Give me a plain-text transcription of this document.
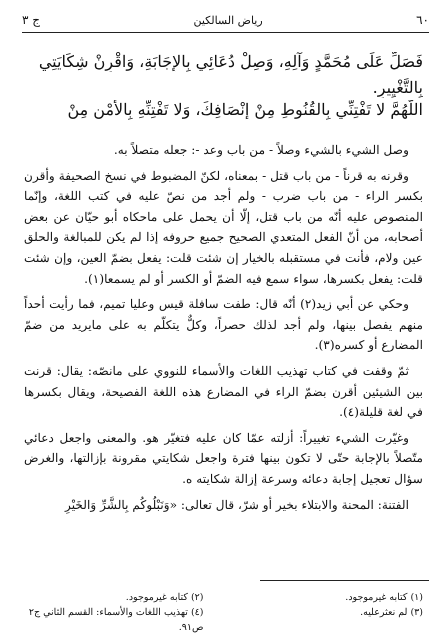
٦٠
رياض السالكين
ج ٣
فَصَلِّ عَلَى مُحَمَّدٍ وَآلِهِ، وَصِلْ دُعَائِي بِالإِجَابَةِ، وَاقْرِنْ شِكَايَتِي
بِالتَّغْيِيرِ.
اللّهُمَّ لا تَفْتِنِّي بِالقُنُوطِ مِنْ إِنْصَافِكَ، وَلا تَفْتِنِّهِ بِالأَمْنِ مِنْ

وصل الشيء بالشيء وصلاً - من باب وعد -: جعله متصلاً به.

وقرنه به قرناً - من باب قتل - بمعناه، لكنّ المضبوط في نسخ الصحيفة وأقرن بكسر الراء - من باب ضرب - ولم أجد من نصّ عليه في كتب اللغة، وإنّما المنصوص عليه أنّه من باب قتل، إلّا أن يحمل على ماحكاه أبو حيّان عن بعض أصحابه، من أنّ الفعل المتعدي الصحيح جميع حروفه إذا لم يكن للمبالغة والحلق عين ولام، فأنت في مستقبله بالخيار إن شئت قلت: يفعل بضمّ العين، وإن شئت قلت: يفعل بكسرها، سواء سمع فيه الضمّ أو الكسر أو لم يسمعا(١).

وحكي عن أبي زيد(٢) أنّه قال: طفت سافلة قيس وعليا تميم، فما رأيت أحداً منهم يفصل بينها، ولم أجد لذلك حصراً، وكلٌّ يتكلّم به على مايريد من ضمّ المضارع أو كسره(٣).

ثمّ وقفت في كتاب تهذيب اللغات والأسماء للنووي على مانصّه: يقال: قرنت بين الشيئين أقرن بضمّ الراء في المضارع هذه اللغة الفصيحة، ويقال بكسرها في لغة قليلة(٤).

وغيّرت الشيء تغييراً: أزلته عمّا كان عليه فتغيّر هو. والمعنى واجعل دعائي متّصلاً بالإجابة حتّى لا تكون بينها فترة واجعل شكايتي مقرونة بإزالتها، والغرض سؤال تعجيل إجابة دعائه وسرعة إزالة شكايته ه.

الفتنة: المحنة والابتلاء بخير أو شرّ، قال تعالى: «وَنَبْلُوكُم بِالشَّرِّ وَالخَيْرِ

(١) كتابه غيرموجود.
(٢) كتابه غيرموجود.
(٣) لم نعثرعليه.
(٤) تهذيب اللغات والأسماء: القسم الثاني ج٢ ص٩١.
